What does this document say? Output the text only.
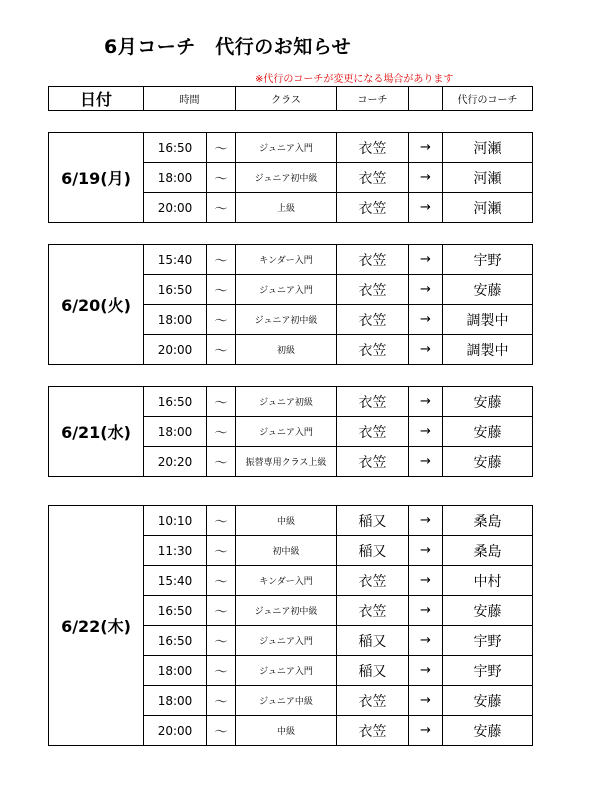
6月コーチ　代行のお知らせ
※代行のコーチが変更になる場合があります
日付	時間	クラス	コーチ		代行のコーチ
6/19(月)	16:50	〜	ジュニア入門	衣笠	→	河瀬
	18:00	〜	ジュニア初中級	衣笠	→	河瀬
	20:00	〜	上級	衣笠	→	河瀬
6/20(火)	15:40	〜	キンダー入門	衣笠	→	宇野
	16:50	〜	ジュニア入門	衣笠	→	安藤
	18:00	〜	ジュニア初中級	衣笠	→	調製中
	20:00	〜	初級	衣笠	→	調製中
6/21(水)	16:50	〜	ジュニア初級	衣笠	→	安藤
	18:00	〜	ジュニア入門	衣笠	→	安藤
	20:20	〜	振替専用クラス上級	衣笠	→	安藤
6/22(木)	10:10	〜	中級	稲又	→	桑島
	11:30	〜	初中級	稲又	→	桑島
	15:40	〜	キンダー入門	衣笠	→	中村
	16:50	〜	ジュニア初中級	衣笠	→	安藤
	16:50	〜	ジュニア入門	稲又	→	宇野
	18:00	〜	ジュニア入門	稲又	→	宇野
	18:00	〜	ジュニア中級	衣笠	→	安藤
	20:00	〜	中級	衣笠	→	安藤
